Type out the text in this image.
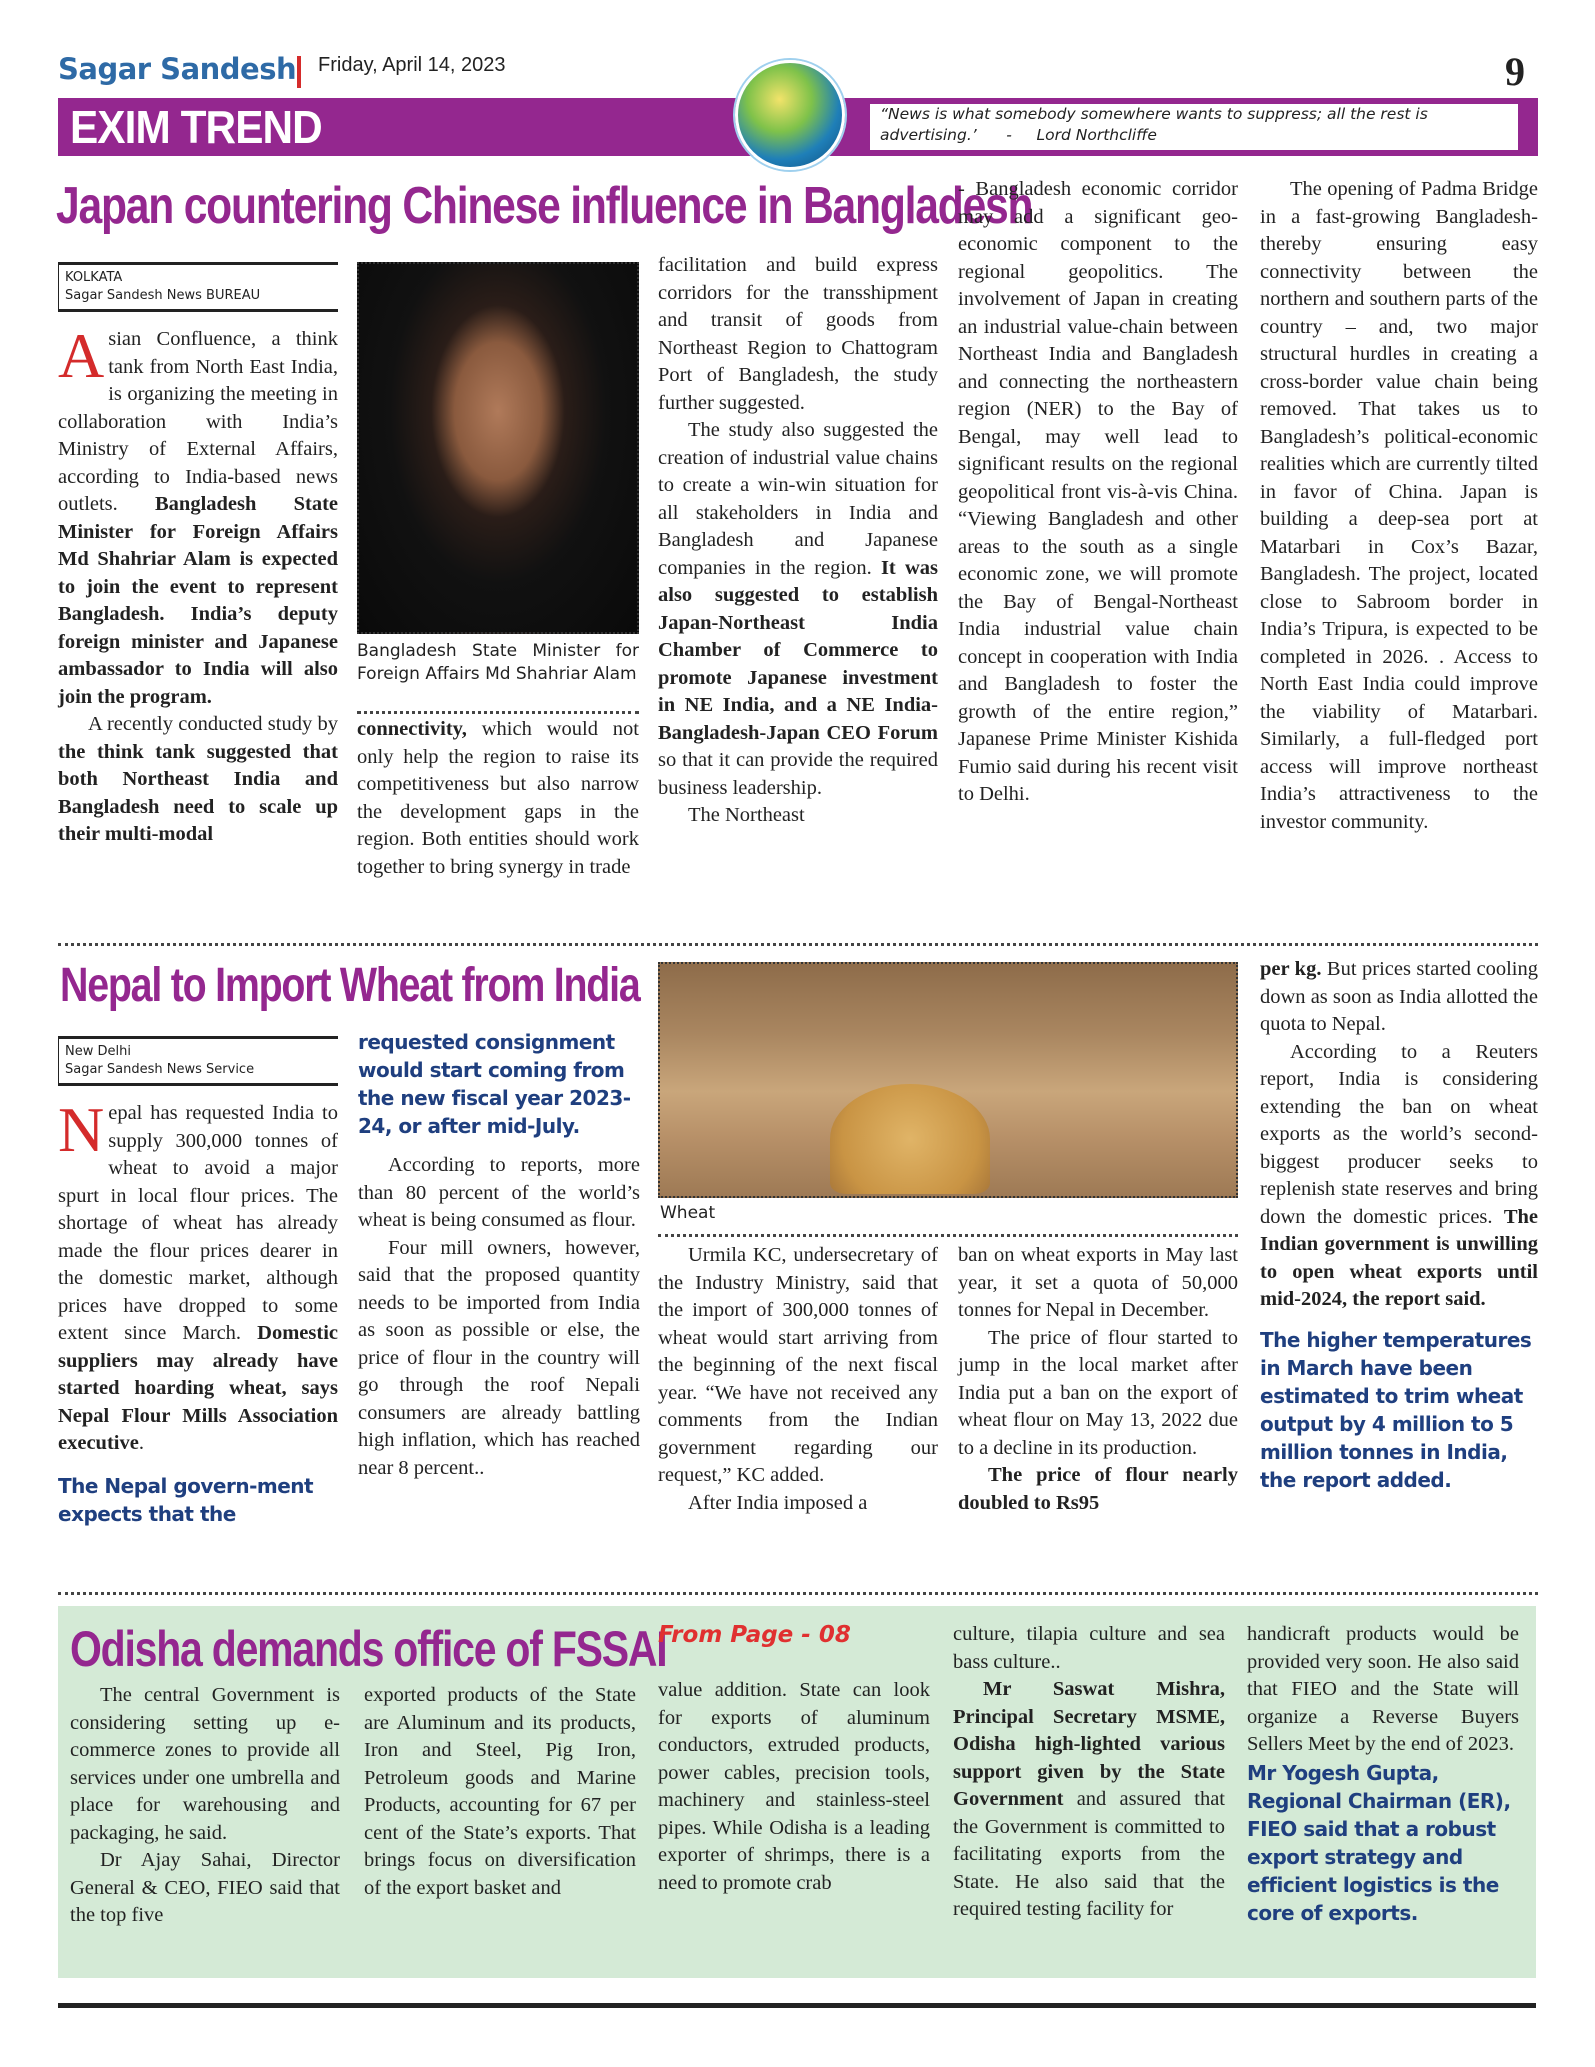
Sagar Sandesh Friday, April 14, 2023	9
EXIM TREND	“News is what somebody somewhere wants to suppress; all the rest is advertising.’ - Lord Northcliffe
Japan countering Chinese influence in Bangladesh
KOLKATA
Sagar Sandesh News BUREAU

Asian Confluence, a think tank from North East India, is organizing the meeting in collaboration with India’s Ministry of External Affairs, according to India-based news outlets. Bangladesh State Minister for Foreign Affairs Md Shahriar Alam is expected to join the event to represent Bangladesh. India’s deputy foreign minister and Japanese ambassador to India will also join the program.

A recently conducted study by the think tank suggested that both Northeast India and Bangladesh need to scale up their multi-modal

Bangladesh State Minister for Foreign Affairs Md Shahriar Alam

connectivity, which would not only help the region to raise its competitiveness but also narrow the development gaps in the region. Both entities should work together to bring synergy in trade

facilitation and build express corridors for the transshipment and transit of goods from Northeast Region to Chattogram Port of Bangladesh, the study further suggested.

The study also suggested the creation of industrial value chains to create a win-win situation for all stakeholders in India and Bangladesh and Japanese companies in the region. It was also suggested to establish Japan-Northeast India Chamber of Commerce to promote Japanese investment in NE India, and a NE India-Bangladesh-Japan CEO Forum so that it can provide the required business leadership.

The Northeast

- Bangladesh economic corridor may add a significant geo-economic component to the regional geopolitics. The involvement of Japan in creating an industrial value-chain between Northeast India and Bangladesh and connecting the northeastern region (NER) to the Bay of Bengal, may well lead to significant results on the regional geopolitical front vis-à-vis China. “Viewing Bangladesh and other areas to the south as a single economic zone, we will promote the Bay of Bengal-Northeast India industrial value chain concept in cooperation with India and Bangladesh to foster the growth of the entire region,” Japanese Prime Minister Kishida Fumio said during his recent visit to Delhi.

The opening of Padma Bridge in a fast-growing Bangladesh- thereby ensuring easy connectivity between the northern and southern parts of the country – and, two major structural hurdles in creating a cross-border value chain being removed. That takes us to Bangladesh’s political-economic realities which are currently tilted in favor of China. Japan is building a deep-sea port at Matarbari in Cox’s Bazar, Bangladesh. The project, located close to Sabroom border in India’s Tripura, is expected to be completed in 2026. . Access to North East India could improve the viability of Matarbari. Similarly, a full-fledged port access will improve northeast India’s attractiveness to the investor community.

Nepal to Import Wheat from India
New Delhi
Sagar Sandesh News Service

Nepal has requested India to supply 300,000 tonnes of wheat to avoid a major spurt in local flour prices. The shortage of wheat has already made the flour prices dearer in the domestic market, although prices have dropped to some extent since March. Domestic suppliers may already have started hoarding wheat, says Nepal Flour Mills Association executive.

The Nepal govern-ment expects that the
requested consignment would start coming from the new fiscal year 2023-24, or after mid-July.

According to reports, more than 80 percent of the world’s wheat is being consumed as flour.

Four mill owners, however, said that the proposed quantity needs to be imported from India as soon as possible or else, the price of flour in the country will go through the roof Nepali consumers are already battling high inflation, which has reached near 8 percent..

Wheat

Urmila KC, undersecretary of the Industry Ministry, said that the import of 300,000 tonnes of wheat would start arriving from the beginning of the next fiscal year. “We have not received any comments from the Indian government regarding our request,” KC added.

After India imposed a

ban on wheat exports in May last year, it set a quota of 50,000 tonnes for Nepal in December.

The price of flour started to jump in the local market after India put a ban on the export of wheat flour on May 13, 2022 due to a decline in its production.

The price of flour nearly doubled to Rs95

per kg. But prices started cooling down as soon as India allotted the quota to Nepal.

According to a Reuters report, India is considering extending the ban on wheat exports as the world’s second-biggest producer seeks to replenish state reserves and bring down the domestic prices. The Indian government is unwilling to open wheat exports until mid-2024, the report said.

The higher temperatures in March have been estimated to trim wheat output by 4 million to 5 million tonnes in India, the report added.
Odisha demands office of FSSAI

The central Government is considering setting up e-commerce zones to provide all services under one umbrella and place for warehousing and packaging, he said.

Dr Ajay Sahai, Director General & CEO, FIEO said that the top five

exported products of the State are Aluminum and its products, Iron and Steel, Pig Iron, Petroleum goods and Marine Products, accounting for 67 per cent of the State’s exports. That brings focus on diversification of the export basket and

From Page - 08

value addition. State can look for exports of aluminum conductors, extruded products, power cables, precision tools, machinery and stainless-steel pipes. While Odisha is a leading exporter of shrimps, there is a need to promote crab

culture, tilapia culture and sea bass culture..

Mr Saswat Mishra, Principal Secretary MSME, Odisha high-lighted various support given by the State Government and assured that the Government is committed to facilitating exports from the State. He also said that the required testing facility for

handicraft products would be provided very soon. He also said that FIEO and the State will organize a Reverse Buyers Sellers Meet by the end of 2023.

Mr Yogesh Gupta, Regional Chairman (ER), FIEO said that a robust export strategy and efficient logistics is the core of exports.
